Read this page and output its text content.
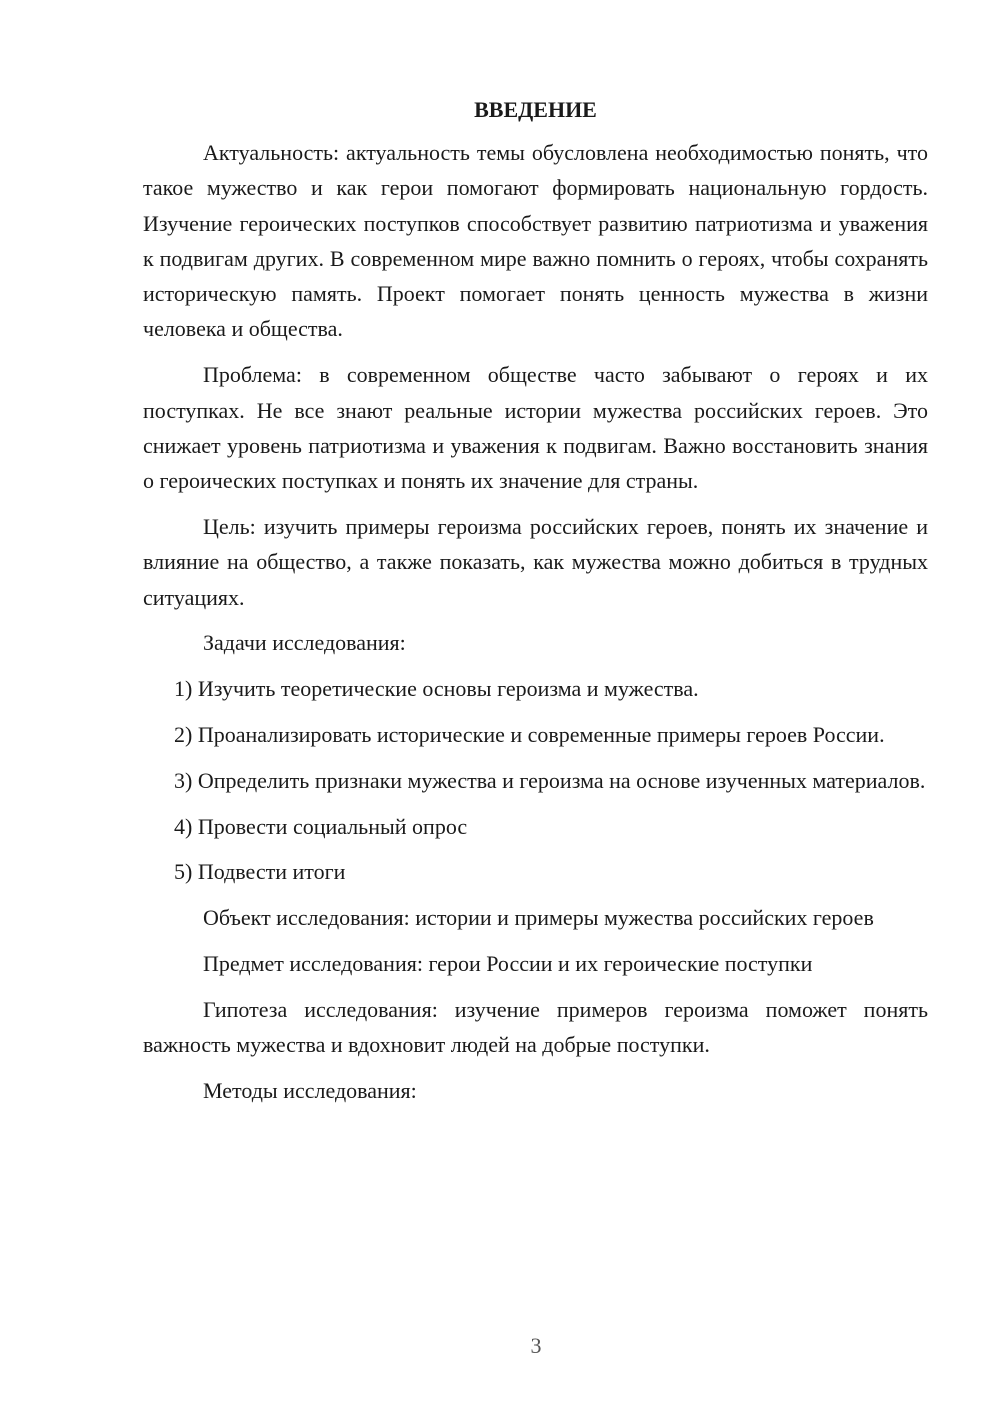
ВВЕДЕНИЕ

Актуальность: актуальность темы обусловлена необходимостью понять, что такое мужество и как герои помогают формировать национальную гордость. Изучение героических поступков способствует развитию патриотизма и уважения к подвигам других. В современном мире важно помнить о героях, чтобы сохранять историческую память. Проект помогает понять ценность мужества в жизни человека и общества.

Проблема: в современном обществе часто забывают о героях и их поступках. Не все знают реальные истории мужества российских героев. Это снижает уровень патриотизма и уважения к подвигам. Важно восстановить знания о героических поступках и понять их значение для страны.

Цель: изучить примеры героизма российских героев, понять их значение и влияние на общество, а также показать, как мужества можно добиться в трудных ситуациях.

Задачи исследования:

1) Изучить теоретические основы героизма и мужества.

2) Проанализировать исторические и современные примеры героев России.

3) Определить признаки мужества и героизма на основе изученных материалов.

4) Провести социальный опрос

5) Подвести итоги

Объект исследования: истории и примеры мужества российских героев

Предмет исследования: герои России и их героические поступки

Гипотеза исследования: изучение примеров героизма поможет понять важность мужества и вдохновит людей на добрые поступки.

Методы исследования:

3
